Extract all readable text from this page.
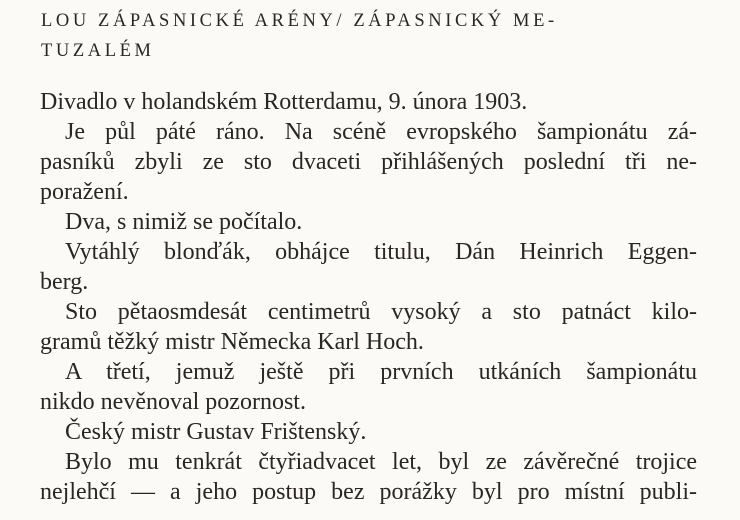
LOU ZÁPASNICKÉ ARÉNY/ ZÁPASNICKÝ ME-
TUZALÉM
Divadlo v holandském Rotterdamu, 9. února 1903.
Je půl páté ráno. Na scéně evropského šampionátu zá-
pasníků zbyli ze sto dvaceti přihlášených poslední tři ne-
poražení.
Dva, s nimiž se počítalo.
Vytáhlý blonďák, obhájce titulu, Dán Heinrich Eggen-
berg.
Sto pětaosmdesát centimetrů vysoký a sto patnáct kilo-
gramů těžký mistr Německa Karl Hoch.
A třetí, jemuž ještě při prvních utkáních šampionátu
nikdo nevěnoval pozornost.
Český mistr Gustav Frištenský.
Bylo mu tenkrát čtyřiadvacet let, byl ze závěrečné trojice
nejlehčí — a jeho postup bez porážky byl pro místní publi-
